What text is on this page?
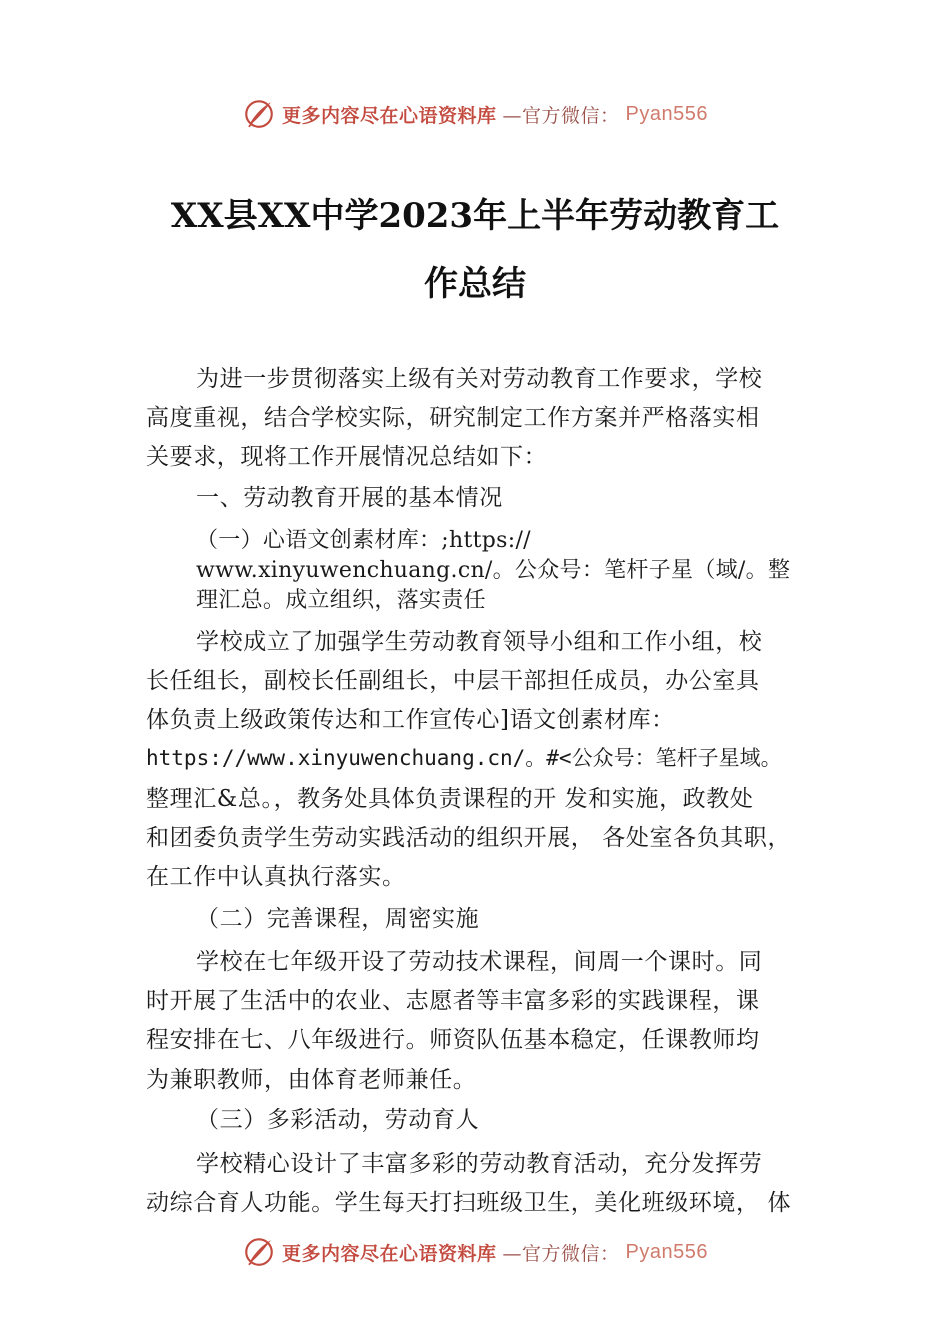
更多内容尽在心语资料库 —官方微信： Pyan556
XX县XX中学2023年上半年劳动教育工
作总结
为进一步贯彻落实上级有关对劳动教育工作要求，学校
高度重视，结合学校实际，研究制定工作方案并严格落实相
关要求，现将工作开展情况总结如下：
一、劳动教育开展的基本情况
（一）心语文创素材库：;https://
www.xinyuwenchuang.cn/。公众号：笔杆子星（域/。整
理汇总。成立组织，落实责任
学校成立了加强学生劳动教育领导小组和工作小组，校
长任组长，副校长任副组长，中层干部担任成员，办公室具
体负责上级政策传达和工作宣传心]语文创素材库：
https://www.xinyuwenchuang.cn/。#<公众号：笔杆子星域。
整理汇&总。，教务处具体负责课程的开 发和实施，政教处
和团委负责学生劳动实践活动的组织开展， 各处室各负其职，
在工作中认真执行落实。
（二）完善课程，周密实施
学校在七年级开设了劳动技术课程，间周一个课时。同
时开展了生活中的农业、志愿者等丰富多彩的实践课程，课
程安排在七、八年级进行。师资队伍基本稳定，任课教师均
为兼职教师，由体育老师兼任。
（三）多彩活动，劳动育人
学校精心设计了丰富多彩的劳动教育活动，充分发挥劳
动综合育人功能。学生每天打扫班级卫生，美化班级环境， 体
更多内容尽在心语资料库 —官方微信： Pyan556
